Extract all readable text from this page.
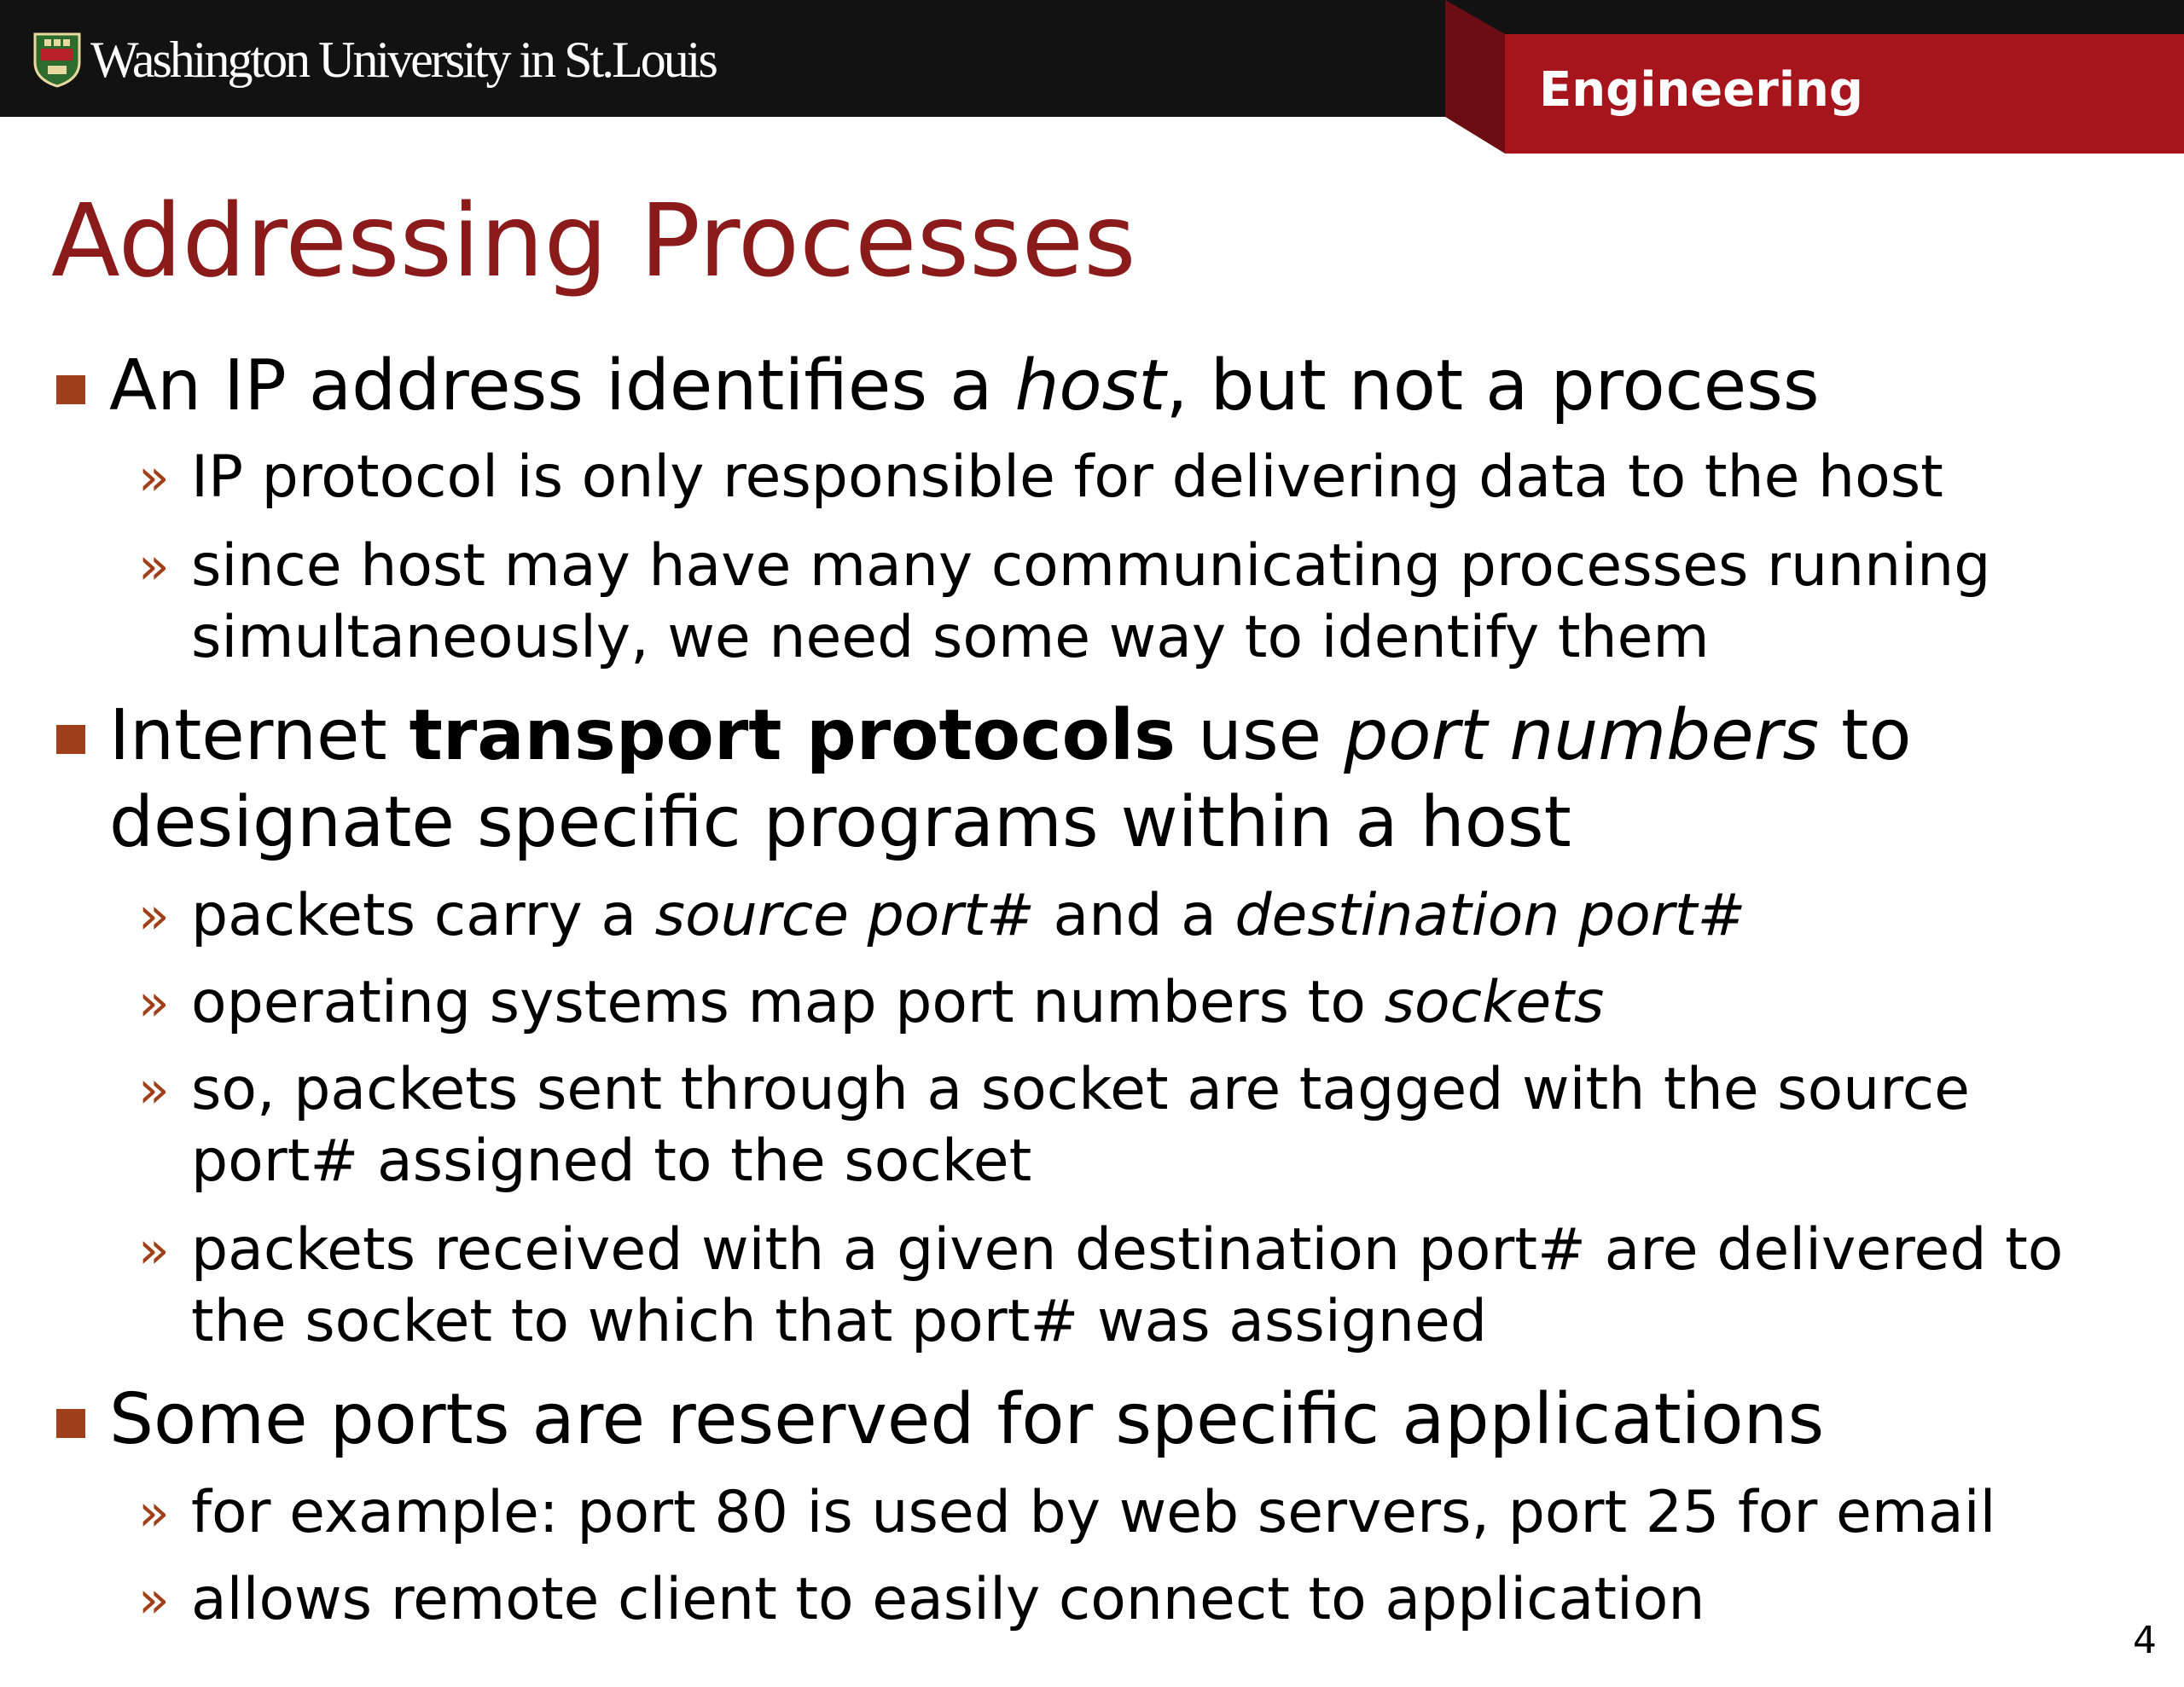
Washington University in St.Louis
Engineering
Addressing Processes
An IP address identifies a host, but not a process
» IP protocol is only responsible for delivering data to the host
» since host may have many communicating processes running
simultaneously, we need some way to identify them
Internet transport protocols use port numbers to
designate specific programs within a host
» packets carry a source port# and a destination port#
» operating systems map port numbers to sockets
» so, packets sent through a socket are tagged with the source
port# assigned to the socket
» packets received with a given destination port# are delivered to
the socket to which that port# was assigned
Some ports are reserved for specific applications
» for example: port 80 is used by web servers, port 25 for email
» allows remote client to easily connect to application
4
